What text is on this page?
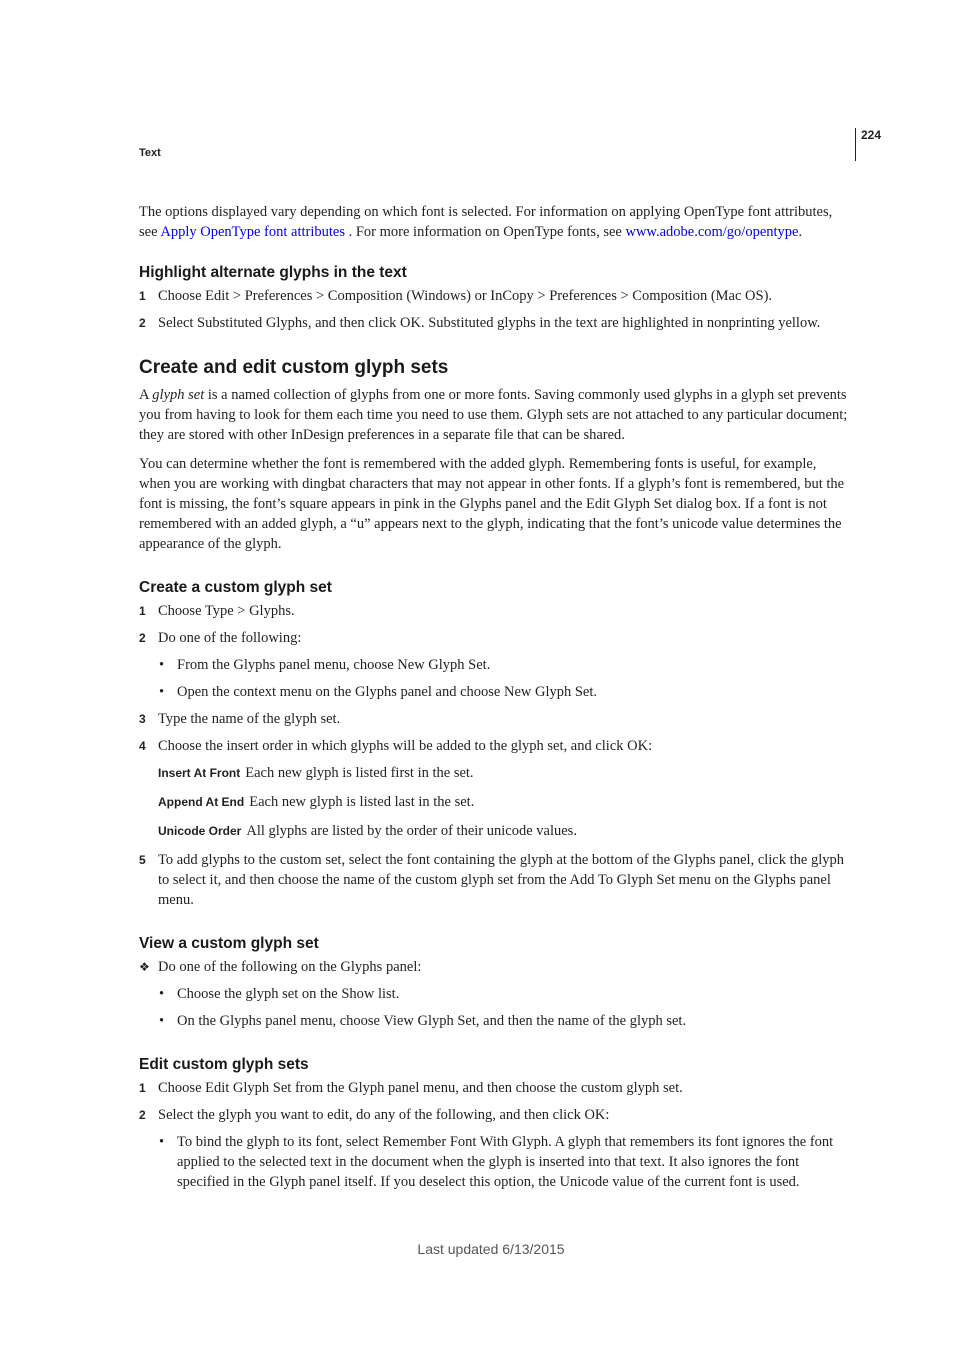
224
Text

The options displayed vary depending on which font is selected. For information on applying OpenType font attributes, see Apply OpenType font attributes . For more information on OpenType fonts, see www.adobe.com/go/opentype.

Highlight alternate glyphs in the text
1 Choose Edit > Preferences > Composition (Windows) or InCopy > Preferences > Composition (Mac OS).
2 Select Substituted Glyphs, and then click OK. Substituted glyphs in the text are highlighted in nonprinting yellow.
Create and edit custom glyph sets

A glyph set is a named collection of glyphs from one or more fonts. Saving commonly used glyphs in a glyph set prevents you from having to look for them each time you need to use them. Glyph sets are not attached to any particular document; they are stored with other InDesign preferences in a separate file that can be shared.

You can determine whether the font is remembered with the added glyph. Remembering fonts is useful, for example, when you are working with dingbat characters that may not appear in other fonts. If a glyph’s font is remembered, but the font is missing, the font’s square appears in pink in the Glyphs panel and the Edit Glyph Set dialog box. If a font is not remembered with an added glyph, a “u” appears next to the glyph, indicating that the font’s unicode value determines the appearance of the glyph.

Create a custom glyph set
1 Choose Type > Glyphs.
2 Do one of the following:
• From the Glyphs panel menu, choose New Glyph Set.
• Open the context menu on the Glyphs panel and choose New Glyph Set.
3 Type the name of the glyph set.
4 Choose the insert order in which glyphs will be added to the glyph set, and click OK:
Insert At Front Each new glyph is listed first in the set.
Append At End Each new glyph is listed last in the set.
Unicode Order All glyphs are listed by the order of their unicode values.
5 To add glyphs to the custom set, select the font containing the glyph at the bottom of the Glyphs panel, click the glyph to select it, and then choose the name of the custom glyph set from the Add To Glyph Set menu on the Glyphs panel menu.
View a custom glyph set
❖ Do one of the following on the Glyphs panel:
• Choose the glyph set on the Show list.
• On the Glyphs panel menu, choose View Glyph Set, and then the name of the glyph set.
Edit custom glyph sets
1 Choose Edit Glyph Set from the Glyph panel menu, and then choose the custom glyph set.
2 Select the glyph you want to edit, do any of the following, and then click OK:
• To bind the glyph to its font, select Remember Font With Glyph. A glyph that remembers its font ignores the font applied to the selected text in the document when the glyph is inserted into that text. It also ignores the font specified in the Glyph panel itself. If you deselect this option, the Unicode value of the current font is used.
Last updated 6/13/2015
